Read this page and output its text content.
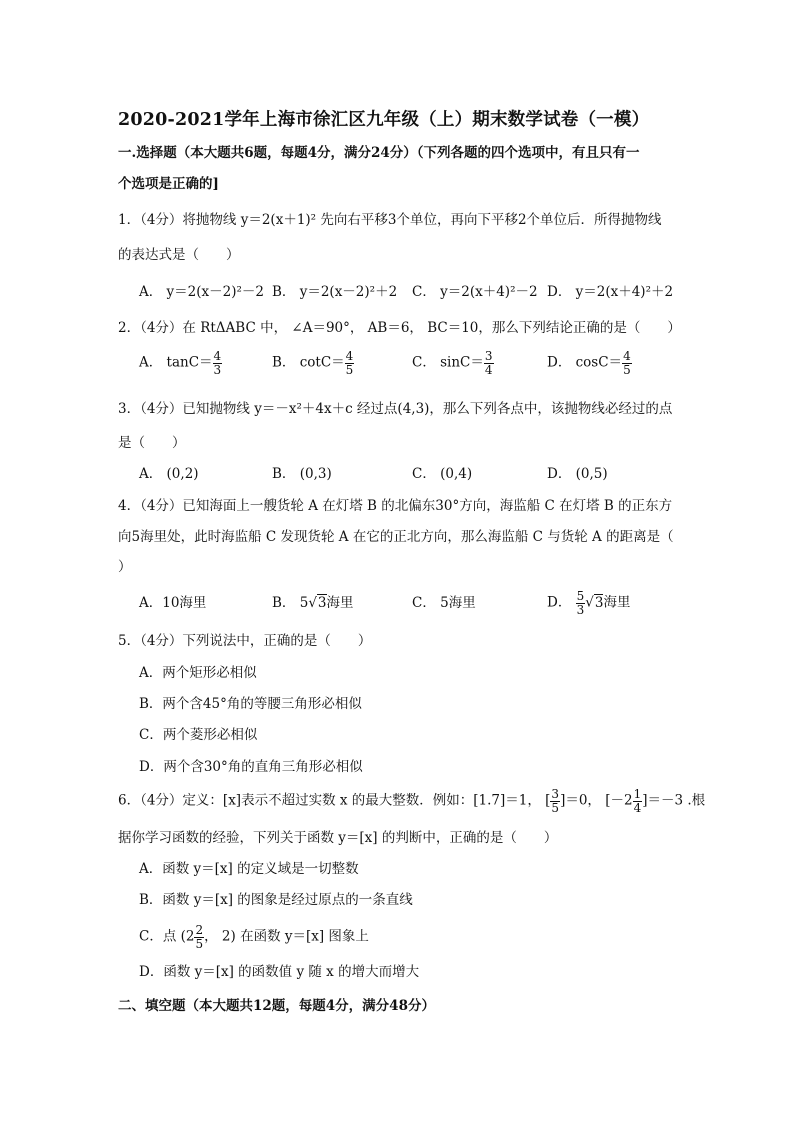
2020-2021学年上海市徐汇区九年级（上）期末数学试卷（一模）
一.选择题（本大题共6题，每题4分，满分24分）（下列各题的四个选项中，有且只有一
个选项是正确的]
1．（4分）将抛物线 y＝2(x＋1)² 先向右平移3个单位，再向下平移2个单位后．所得抛物线
的表达式是（　　）
A． y＝2(x－2)²－2 B． y＝2(x－2)²＋2 C． y＝2(x＋4)²－2 D． y＝2(x＋4)²＋2
2．（4分）在 RtΔABC 中， ∠A＝90°， AB＝6， BC＝10，那么下列结论正确的是（　　）
A． $\tan C= \frac{4}{3}$	B． $\cot C= \frac{4}{5}$	C． $\sin C= \frac{3}{4}$	D． $\cos C= \frac{4}{5}$
3．（4分）已知抛物线 y＝－x²＋4x＋c 经过点(4,3)，那么下列各点中，该抛物线必经过的点
是（　　）
A． (0,2)	B． (0,3)	C． (0,4)	D． (0,5)
4．（4分）已知海面上一艘货轮 A 在灯塔 B 的北偏东30°方向，海监船 C 在灯塔 B 的正东方
向5海里处，此时海监船 C 发现货轮 A 在它的正北方向，那么海监船 C 与货轮 A 的距离是（
）
A．10海里	B． 5√3海里	C． 5海里	D． $\frac{5}{3} √3$海里
5．（4分）下列说法中，正确的是（　　）
A．两个矩形必相似
B．两个含45°角的等腰三角形必相似
C．两个菱形必相似
D．两个含30°角的直角三角形必相似
6．（4分）定义：[x]表示不超过实数 x 的最大整数．例如：[1.7]＝1， [ $\frac{3}{5} ]=0$， $[-2 \frac{1}{4} ]=-3$ .根
据你学习函数的经验，下列关于函数 y＝[x] 的判断中，正确的是（　　）
A．函数 y＝[x] 的定义域是一切整数
B．函数 y＝[x] 的图象是经过原点的一条直线
C．点 ($2 \frac{2}{5}$ ， 2) 在函数 y＝[x] 图象上
D．函数 y＝[x] 的函数值 y 随 x 的增大而增大
二、填空题（本大题共12题，每题4分，满分48分）
